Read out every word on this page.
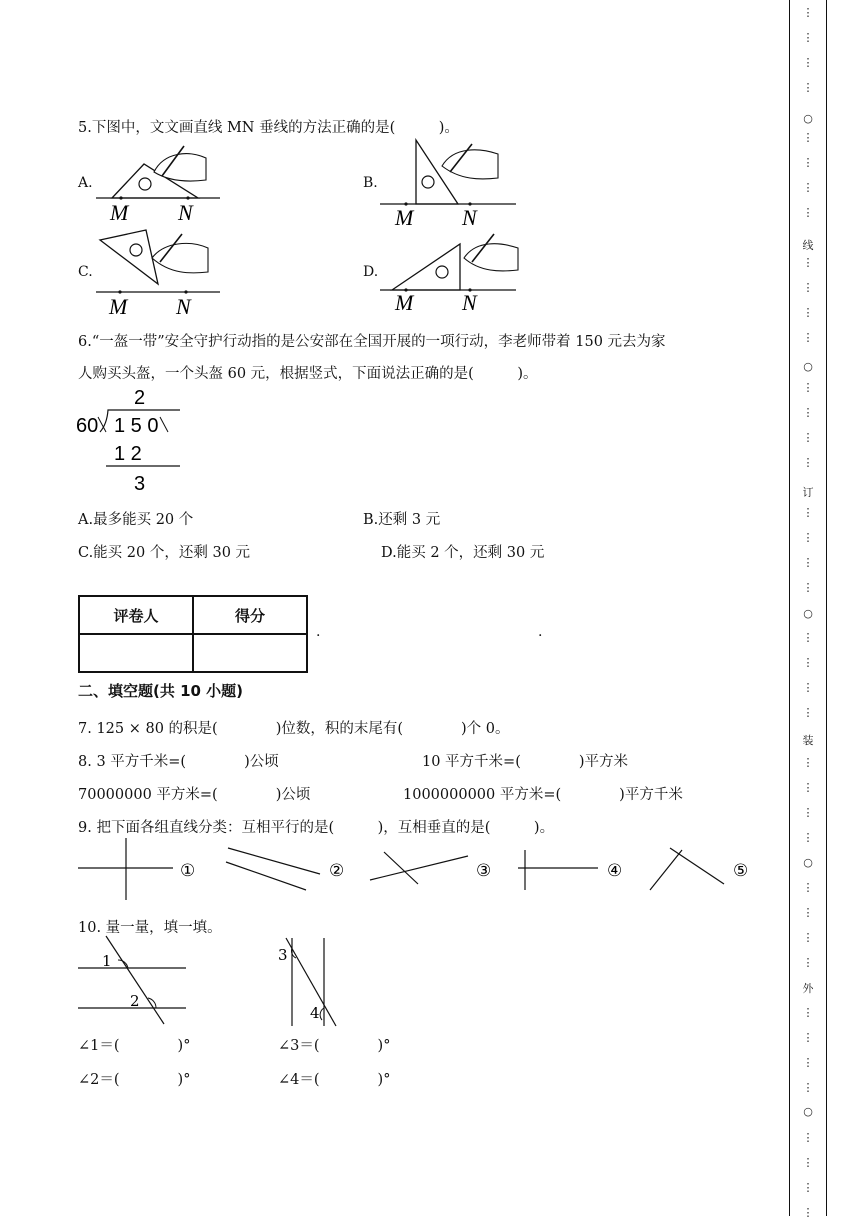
5.下图中，文文画直线 MN 垂线的方法正确的是(　　　)。
A.
M N
B.
M N
C.
M N
D.
M N
6.“一盔一带”安全守护行动指的是公安部在全国开展的一项行动，李老师带着 150 元去为家
人购买头盔，一个头盔 60 元，根据竖式，下面说法正确的是(　　　)。
2
60 1 5 0
1 2
3
A.最多能买 20 个	B.还剩 3 元
C.能买 20 个，还剩 30 元	D.能买 2 个，还剩 30 元
评卷人	得分

.	.
二、填空题(共 10 小题)
7. 125 × 80 的积是(　　　　)位数，积的末尾有(　　　　)个 0。
8. 3 平方千米=(　　　　)公顷	10 平方千米=(　　　　)平方米
70000000 平方米=(　　　　)公顷	1000000000 平方米=(　　　　)平方千米
9. 把下面各组直线分类：互相平行的是(　　　)，互相垂直的是(　　　)。
①	②	③	④	⑤
10. 量一量，填一填。
1
2
3
4
∠1＝(　　　　)°	∠3＝(　　　　)°
∠2＝(　　　　)°	∠4＝(　　　　)°
⋮
⋮
⋮
⋮
⋮
⋮
⋮
⋮
⋮
⋮
⋮
⋮
⋮
⋮
⋮
⋮
⋮
⋮
⋮
⋮
⋮
⋮
⋮
⋮
⋮
⋮
⋮
⋮
⋮
⋮
⋮
⋮
⋮
⋮
⋮
⋮
⋮
⋮
⋮
⋮
○
○
○
○
○
线
订
装
外
